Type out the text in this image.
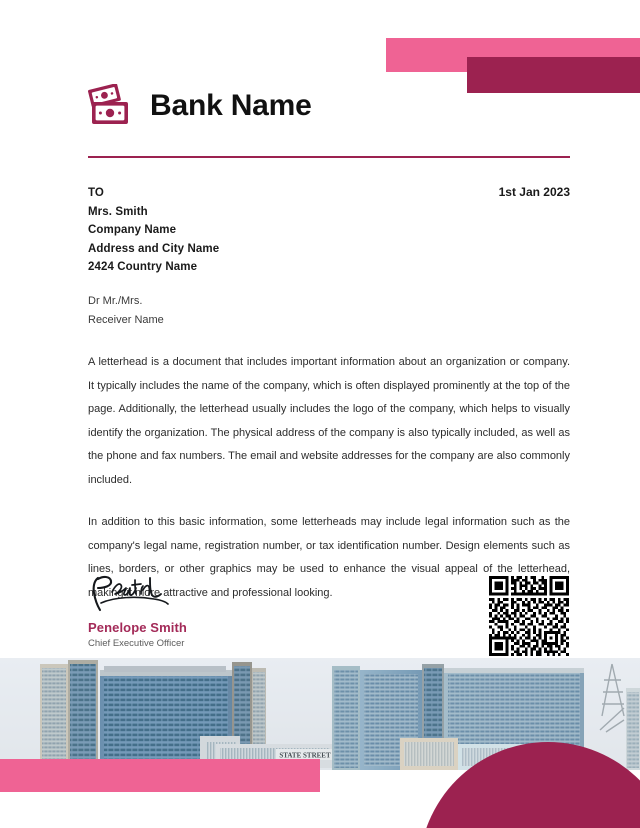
Bank Name
TO	1st Jan 2023
Mrs. Smith
Company Name
Address and City Name
2424 Country Name
Dr Mr./Mrs.
Receiver Name

A letterhead is a document that includes important information about an organization or company. It typically includes the name of the company, which is often displayed prominently at the top of the page. Additionally, the letterhead usually includes the logo of the company, which helps to visually identify the organization. The physical address of the company is also typically included, as well as the phone and fax numbers. The email and website addresses for the company are also commonly included.

In addition to this basic information, some letterheads may include legal information such as the company's legal name, registration number, or tax identification number. Design elements such as lines, borders, or other graphics may be used to enhance the visual appeal of the letterhead, making it more attractive and professional looking.

Penelope Smith
Chief Executive Officer
STATE STREET
